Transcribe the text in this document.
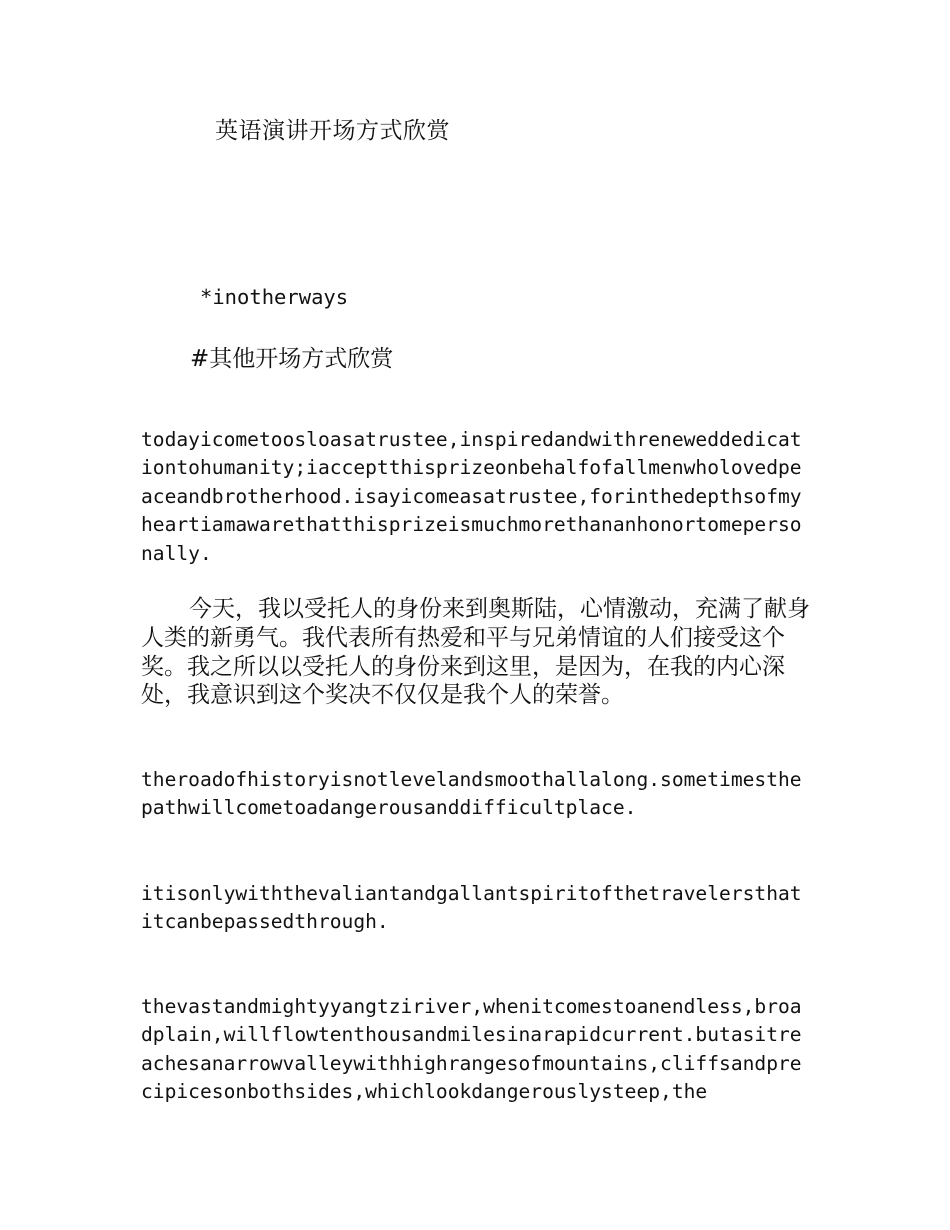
英语演讲开场方式欣赏
*inotherways
#其他开场方式欣赏

todayicometooslоasatrustee,inspiredandwithreneweddedicationtohumanity;iacceptthisprizeonbehalfofallmenwholovedpeaceandbrotherhood.isayicomeasatrustee,forinthedepthsofmyheartiamawarethatthisprizeismuchmorethananhonortomepersonally.

今天，我以受托人的身份来到奥斯陆，心情激动，充满了献身人类的新勇气。我代表所有热爱和平与兄弟情谊的人们接受这个奖。我之所以以受托人的身份来到这里，是因为，在我的内心深处，我意识到这个奖决不仅仅是我个人的荣誉。

theroadofhistoryisnotlevelandsmoothallalong.sometimesthepathwillcometoadangerousanddifficultplace.

itisonlywiththevaliantandgallantspiritofthetravelersthatitcanbepassedthrough.

thevastandmightyyangtziriver,whenitcomestoanendless,broadplain,willflowtenthousandmilesinarapidcurrent.butasitreachesanarrowvalleywithhighrangesofmountains,cliffsandprecipicesonbothsides,whichlookdangerouslysteep,the
